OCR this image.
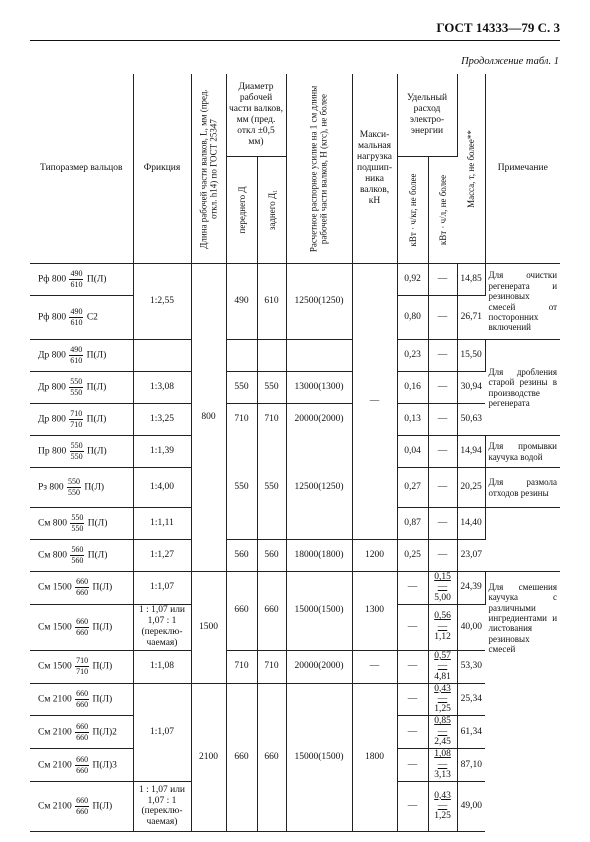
ГОСТ 14333—79 С. 3
Продолжение табл. 1
Типоразмер вальцов	Фрикция	Длина рабочей части валков, L, мм (пред. откл. h14) по ГОСТ 25347	Диаметр рабочей части валков, мм (пред. откл ±0,5 мм)		Расчетное распорное усилие на 1 см длины рабочей части валков, Н (кгс), не более	Макси-мальная нагрузка подшип-ника валков, кН	Удельный расход электро-энергии		Масса, т, не более**	Примечание

			переднего Д	заднего Д₁			кВт · ч/кг, не более	кВт · ч/л, не более		

Рф $800 \frac{490}{610} П(Л)$	1:2,55	800	490	610	12500(1250)	—	0,92	—	14,85	Для очистки регенерата и резиновых смесей от посторонних включений
Рф $800 \frac{490}{610} С2$							0,80	—	26,71	
Др $800 \frac{490}{610} П(Л)$							0,23	—	15,50	Для дробления старой резины в производстве регенерата
Др $800 \frac{550}{550} П(Л)$	1:3,08		550	550	13000(1300)		0,16	—	30,94	
Др $800 \frac{710}{710} П(Л)$	1:3,25		710	710	20000(2000)		0,13	—	50,63	
Пр $800 \frac{550}{550} П(Л)$	1:1,39		550	550	12500(1250)		0,04	—	14,94	Для промывки каучука водой
Рз $800 \frac{550}{550} П(Л)$	1:4,00						0,27	—	20,25	Для размола отходов резины
См $800 \frac{550}{550} П(Л)$	1:1,11						0,87	—	14,40	
См $800 \frac{560}{560} П(Л)$	1:1,27		560	560	18000(1800)	1200	0,25	—	23,07	
См $1500 \frac{660}{660} П(Л)$	1:1,07	1500	660	660	15000(1500)	1300	—	$\frac{0,15—}{5,00}$	24,39	Для смешения каучука с различными ингредиентами и листования резиновых смесей
См $1500 \frac{660}{660} П(Л)$	1 : 1,07 или 1,07 : 1 (переклю-чаемая)						—	$\frac{0,56—}{1,12}$	40,00	
См $1500 \frac{710}{710} П(Л)$	1:1,08		710	710	20000(2000)	—	—	$\frac{0,57—}{4,81}$	53,30	
См $2100 \frac{660}{660} П(Л)$	1:1,07	2100	660	660	15000(1500)	1800	—	$\frac{0,43—}{1,25}$	25,34	
См $2100 \frac{660}{660} П(Л)2$							—	$\frac{0,85—}{2,45}$	61,34	
См $2100 \frac{660}{660} П(Л)3$							—	$\frac{1,08—}{3,13}$	87,10	
См $2100 \frac{660}{660} П(Л)$	1 : 1,07 или 1,07 : 1 (переклю-чаемая)						—	$\frac{0,43—}{1,25}$	49,00	
